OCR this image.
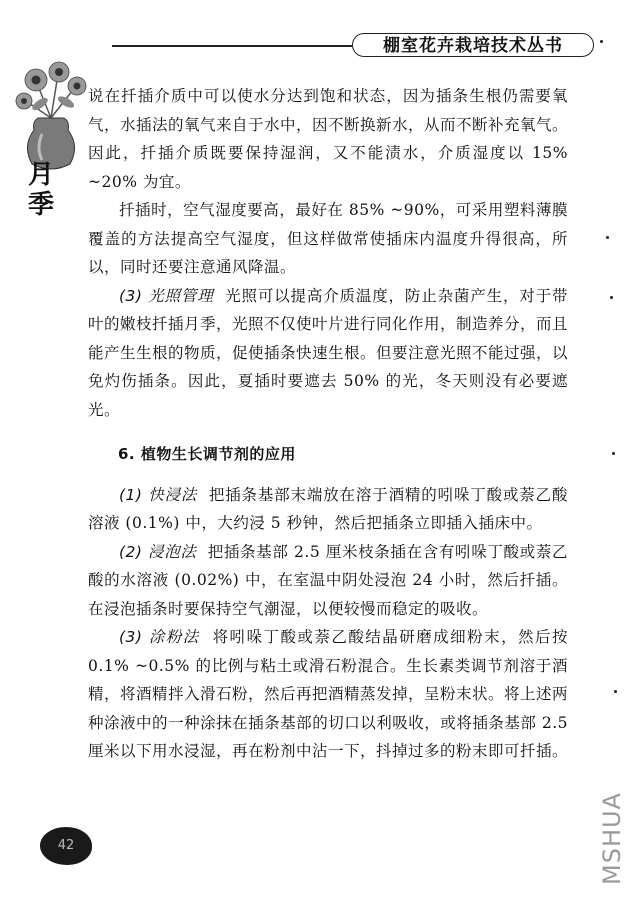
棚室花卉栽培技术丛书
月季

说在扦插介质中可以使水分达到饱和状态，因为插条生根仍需要氧气，水插法的氧气来自于水中，因不断换新水，从而不断补充氧气。因此，扦插介质既要保持湿润，又不能渍水，介质湿度以 15% ~20% 为宜。

扦插时，空气湿度要高，最好在 85% ~90%，可采用塑料薄膜覆盖的方法提高空气湿度，但这样做常使插床内温度升得很高，所以，同时还要注意通风降温。

(3) 光照管理 光照可以提高介质温度，防止杂菌产生，对于带叶的嫩枝扦插月季，光照不仅使叶片进行同化作用，制造养分，而且能产生生根的物质，促使插条快速生根。但要注意光照不能过强，以免灼伤插条。因此，夏插时要遮去 50% 的光，冬天则没有必要遮光。

6. 植物生长调节剂的应用

(1) 快浸法 把插条基部末端放在溶于酒精的吲哚丁酸或萘乙酸溶液 (0.1%) 中，大约浸 5 秒钟，然后把插条立即插入插床中。

(2) 浸泡法 把插条基部 2.5 厘米枝条插在含有吲哚丁酸或萘乙酸的水溶液 (0.02%) 中，在室温中阴处浸泡 24 小时，然后扦插。在浸泡插条时要保持空气潮湿，以便较慢而稳定的吸收。

(3) 涂粉法 将吲哚丁酸或萘乙酸结晶研磨成细粉末，然后按 0.1% ~0.5% 的比例与粘土或滑石粉混合。生长素类调节剂溶于酒精，将酒精拌入滑石粉，然后再把酒精蒸发掉，呈粉末状。将上述两种涂液中的一种涂抹在插条基部的切口以利吸收，或将插条基部 2.5 厘米以下用水浸湿，再在粉剂中沾一下，抖掉过多的粉末即可扦插。

42	MSHUA
